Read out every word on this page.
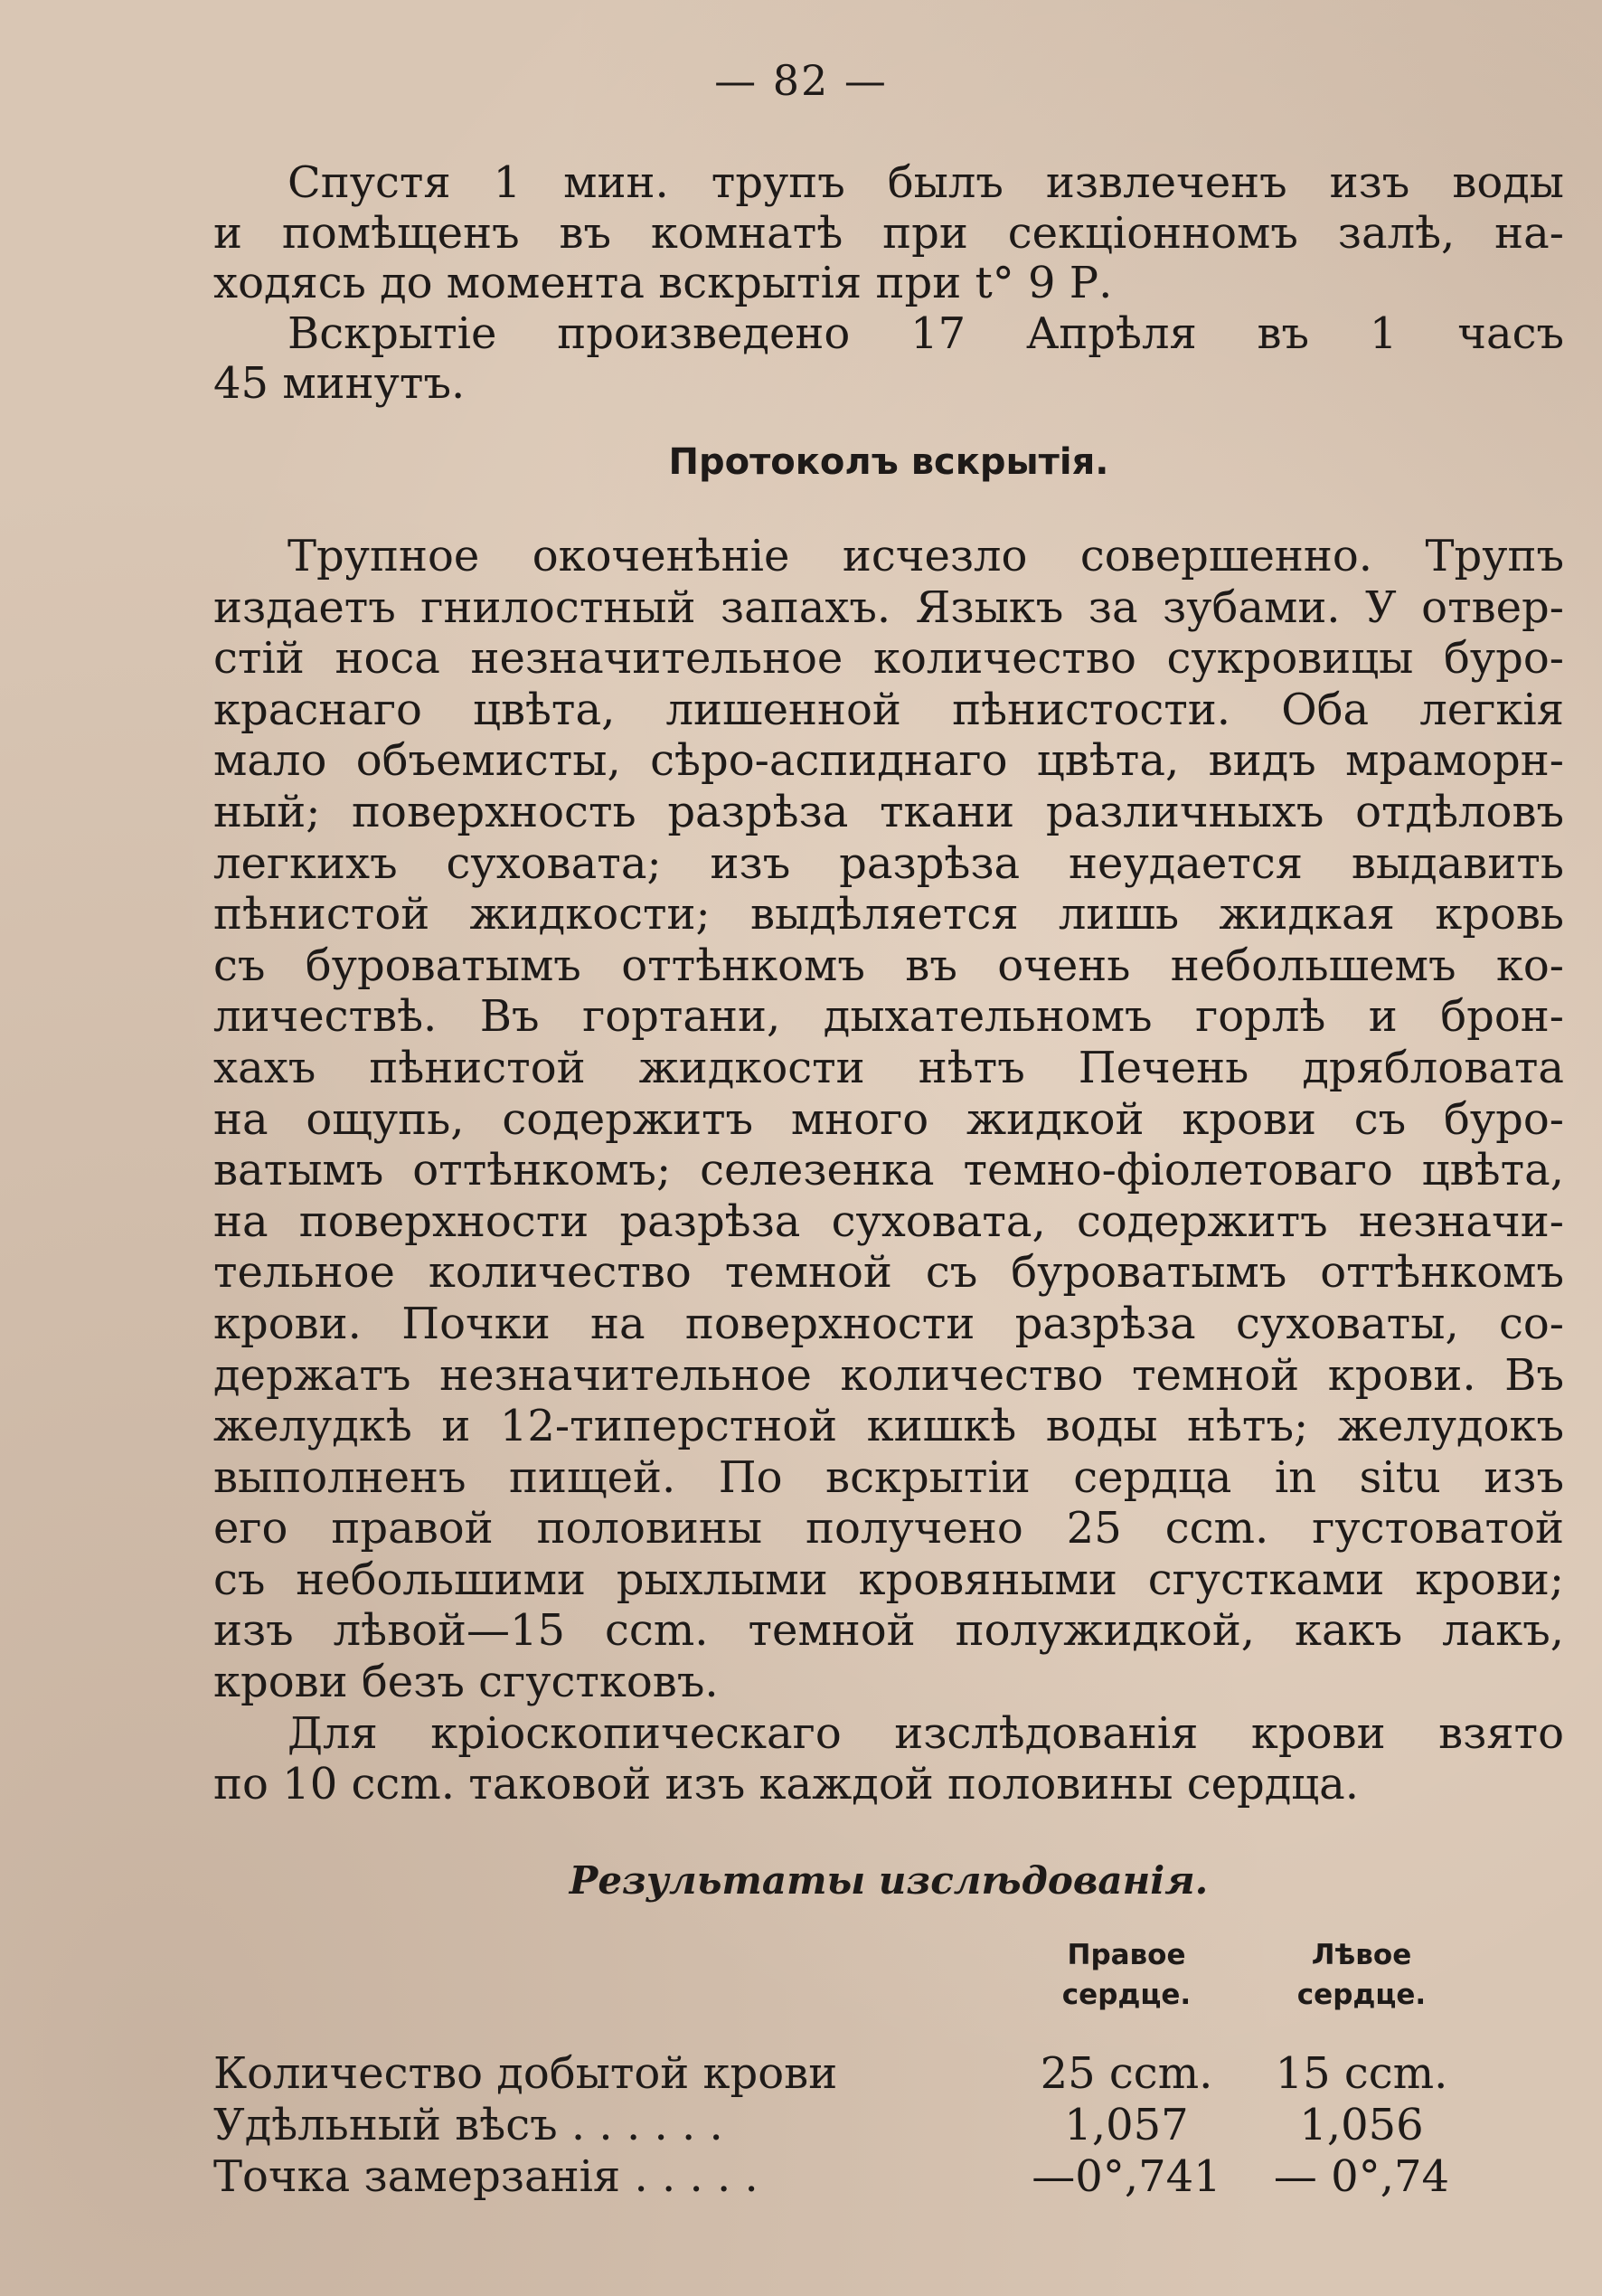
— 82 —
Спустя 1 мин. трупъ былъ извлеченъ изъ воды
и помѣщенъ въ комнатѣ при секціонномъ залѣ, на-
ходясь до момента вскрытія при t° 9 Р.
Вскрытіе произведено 17 Апрѣля въ 1 часъ
45 минутъ.
Протоколъ вскрытія.
Трупное окоченѣніе исчезло совершенно. Трупъ
издаетъ гнилостный запахъ. Языкъ за зубами. У отвер-
стій носа незначительное количество сукровицы буро-
краснаго цвѣта, лишенной пѣнистости. Оба легкія
мало объемисты, сѣро-аспиднаго цвѣта, видъ мраморн-
ный; поверхность разрѣза ткани различныхъ отдѣловъ
легкихъ суховата; изъ разрѣза неудается выдавить
пѣнистой жидкости; выдѣляется лишь жидкая кровь
съ буроватымъ оттѣнкомъ въ очень небольшемъ ко-
личествѣ. Въ гортани, дыхательномъ горлѣ и брон-
хахъ пѣнистой жидкости нѣтъ Печень дрябловата
на ощупь, содержитъ много жидкой крови съ буро-
ватымъ оттѣнкомъ; селезенка темно-фіолетоваго цвѣта,
на поверхности разрѣза суховата, содержитъ незначи-
тельное количество темной съ буроватымъ оттѣнкомъ
крови. Почки на поверхности разрѣза суховаты, со-
держатъ незначительное количество темной крови. Въ
желудкѣ и 12-типерстной кишкѣ воды нѣтъ; желудокъ
выполненъ пищей. По вскрытіи сердца in situ изъ
его правой половины получено 25 cсm. густоватой
съ небольшими рыхлыми кровяными сгустками крови;
изъ лѣвой—15 cсm. темной полужидкой, какъ лакъ,
крови безъ сгустковъ.
Для кріоскопическаго изслѣдованія крови взято
по 10 cсm. таковой изъ каждой половины сердца.
Результаты изслѣдованія.
Правое
сердце.
Лѣвое
сердце.
Количество добытой крови	25 cсm.	15 cсm.
Удѣльный вѣсъ . . . . . .	1,057	1,056
Точка замерзанія . . . . .	—0°,741	— 0°,74
